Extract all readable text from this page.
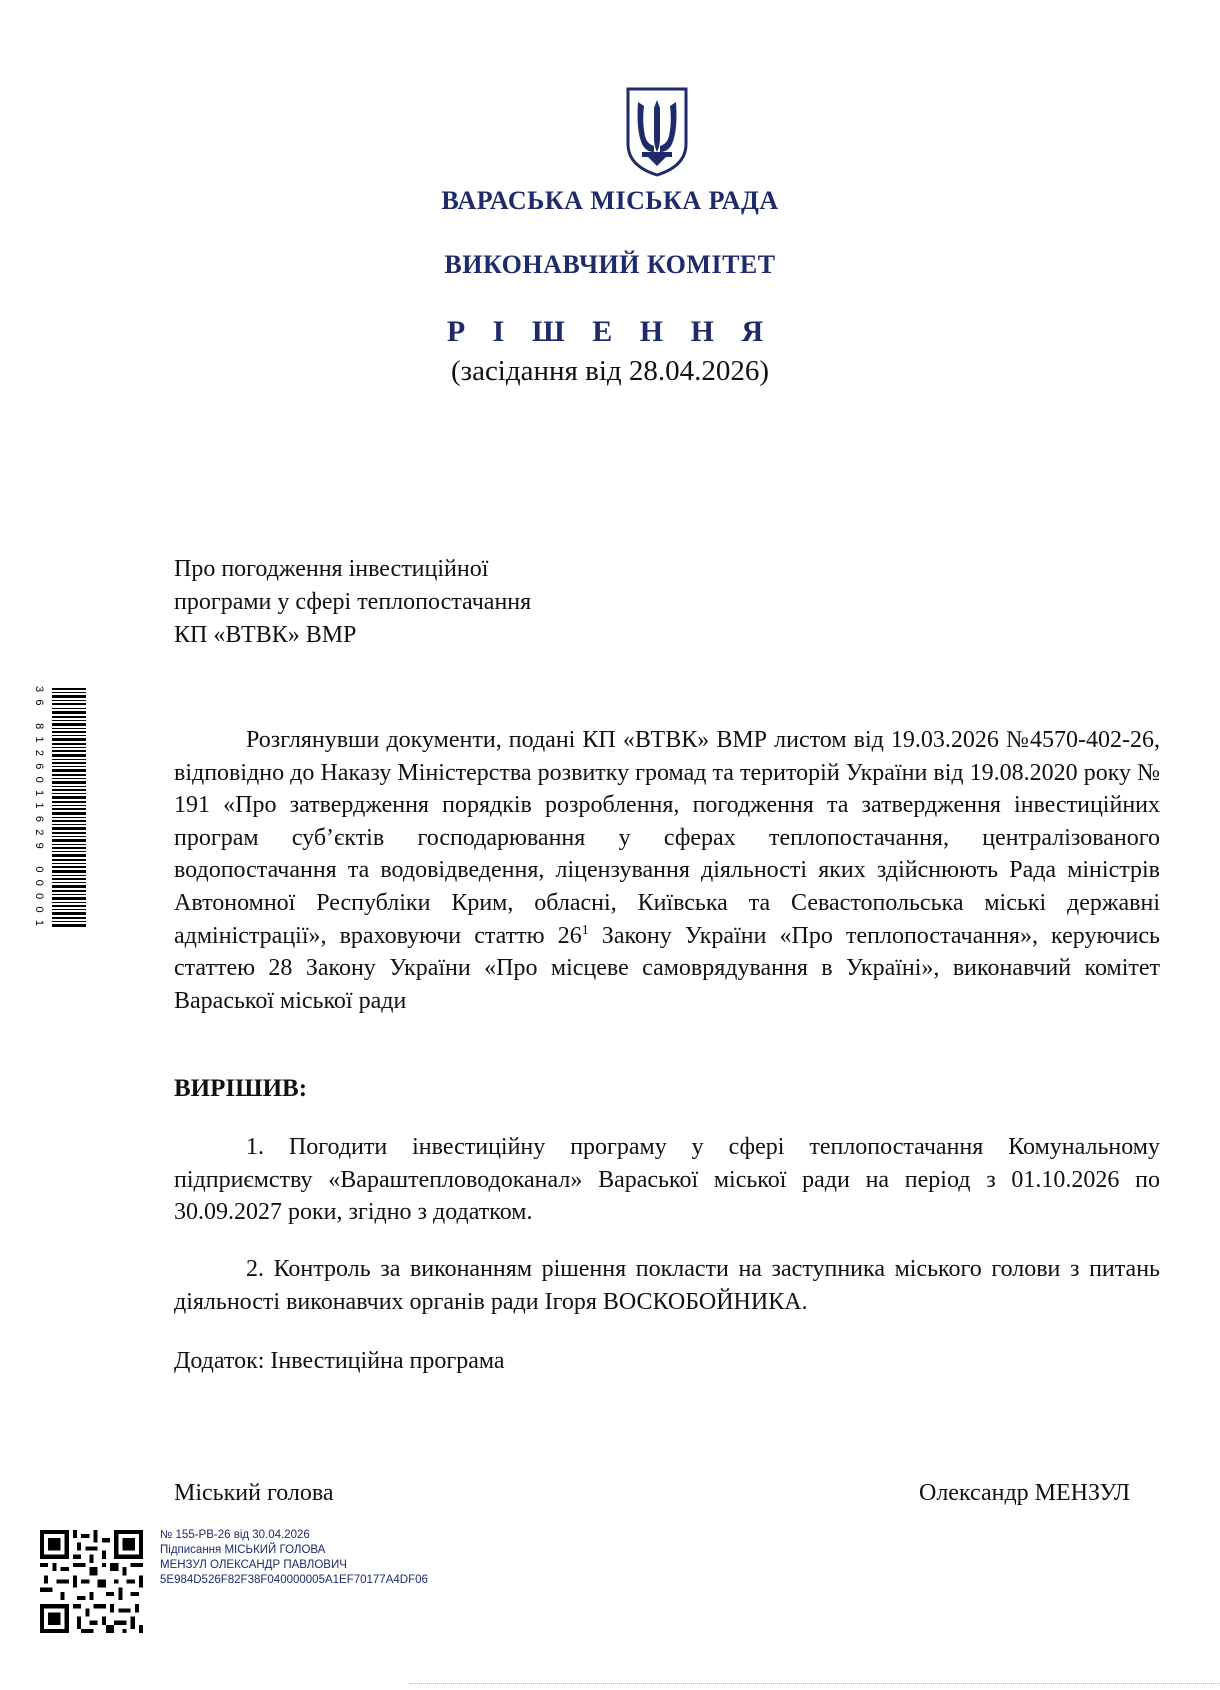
ВАРАСЬКА МІСЬКА РАДА
ВИКОНАВЧИЙ КОМІТЕТ
Р І Ш Е Н Н Я
(засідання від 28.04.2026)
36 8126011629 00001
Про погодження інвестиційної
програми у сфері теплопостачання
КП «ВТВК» ВМР

Розглянувши документи, подані КП «ВТВК» ВМР листом від 19.03.2026 №4570-402-26, відповідно до Наказу Міністерства розвитку громад та територій України від 19.08.2020 року № 191 «Про затвердження порядків розроблення, погодження та затвердження інвестиційних програм суб’єктів господарювання у сферах теплопостачання, централізованого водопостачання та водовідведення, ліцензування діяльності яких здійснюють Рада міністрів Автономної Республіки Крим, обласні, Київська та Севастопольська міські державні адміністрації», враховуючи статтю $26^1$ Закону України «Про теплопостачання», керуючись статтею 28 Закону України «Про місцеве самоврядування в Україні», виконавчий комітет Вараської міської ради

ВИРІШИВ:

1. Погодити інвестиційну програму у сфері теплопостачання Комунальному підприємству «Вараштепловодоканал» Вараської міської ради на період з 01.10.2026 по 30.09.2027 роки, згідно з додатком.

2. Контроль за виконанням рішення покласти на заступника міського голови з питань діяльності виконавчих органів ради Ігоря ВОСКОБОЙНИКА.

Додаток: Інвестиційна програма
Міський голова	Олександр МЕНЗУЛ
№ 155-РВ-26 від 30.04.2026
Підписання МІСЬКИЙ ГОЛОВА
МЕНЗУЛ ОЛЕКСАНДР ПАВЛОВИЧ
5E984D526F82F38F040000005A1EF70177A4DF06
